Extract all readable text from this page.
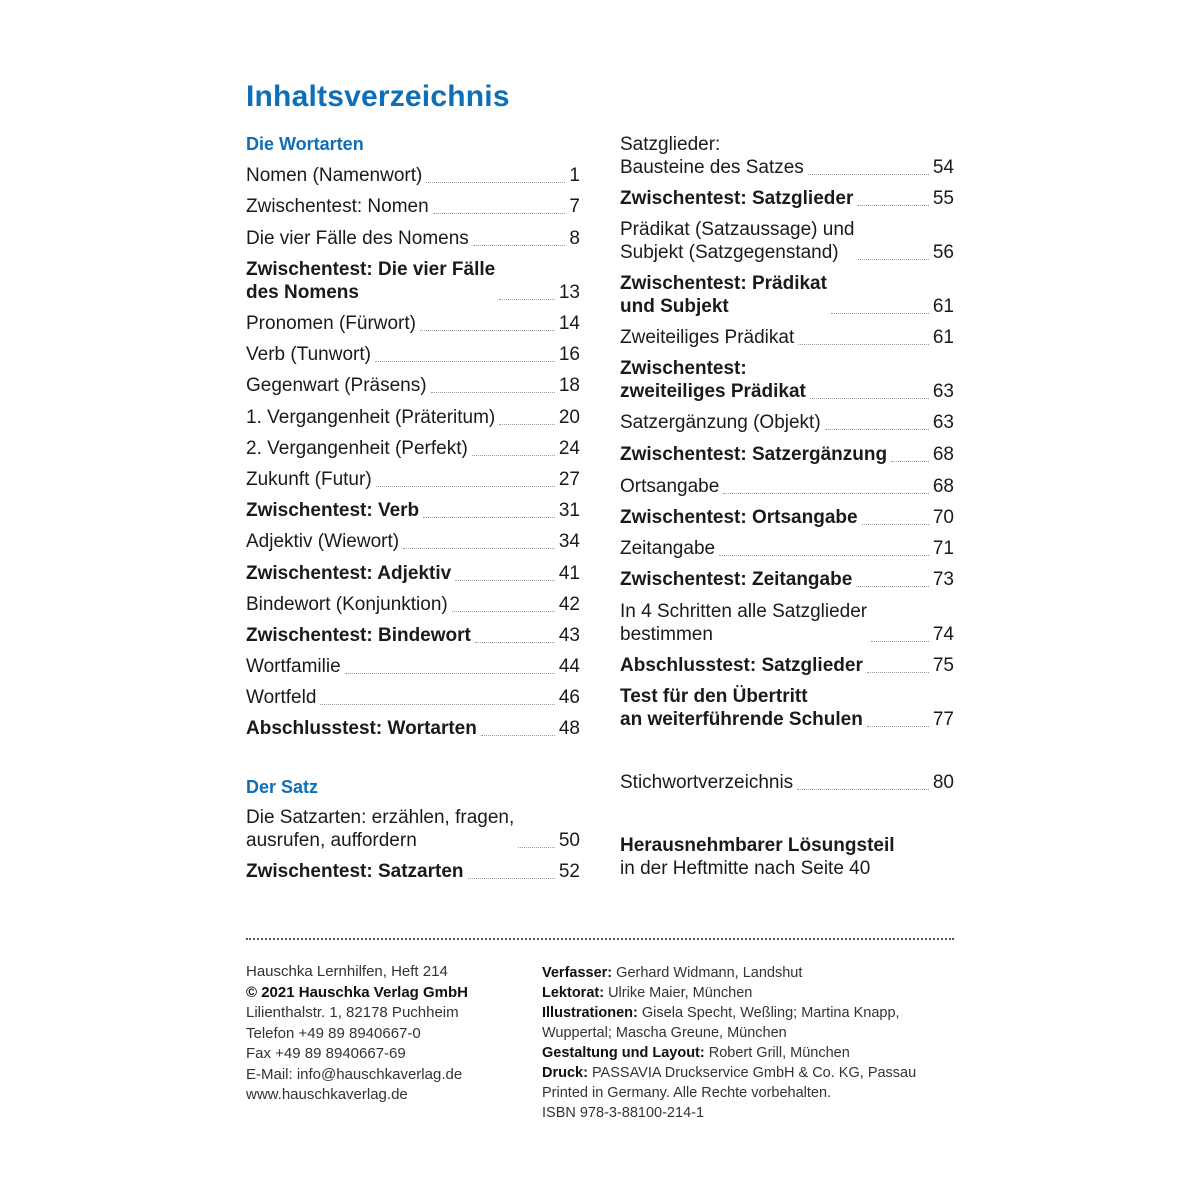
Inhaltsverzeichnis
Die Wortarten
Nomen (Namenwort)	1
Zwischentest: Nomen	7
Die vier Fälle des Nomens	8
Zwischentest: Die vier Fälle
des Nomens	13
Pronomen (Fürwort)	14
Verb (Tunwort)	16
Gegenwart (Präsens)	18
1. Vergangenheit (Präteritum)	20
2. Vergangenheit (Perfekt)	24
Zukunft (Futur)	27
Zwischentest: Verb	31
Adjektiv (Wiewort)	34
Zwischentest: Adjektiv	41
Bindewort (Konjunktion)	42
Zwischentest: Bindewort	43
Wortfamilie	44
Wortfeld	46
Abschlusstest: Wortarten	48
Der Satz
Die Satzarten: erzählen, fragen,
ausrufen, auffordern	50
Zwischentest: Satzarten	52
Satzglieder:
Bausteine des Satzes	54
Zwischentest: Satzglieder	55
Prädikat (Satzaussage) und
Subjekt (Satzgegenstand)	56
Zwischentest: Prädikat
und Subjekt	61
Zweiteiliges Prädikat	61
Zwischentest:
zweiteiliges Prädikat	63
Satzergänzung (Objekt)	63
Zwischentest: Satzergänzung 68
Ortsangabe	68
Zwischentest: Ortsangabe	70
Zeitangabe	71
Zwischentest: Zeitangabe	73
In 4 Schritten alle Satzglieder
bestimmen	74
Abschlusstest: Satzglieder	75
Test für den Übertritt
an weiterführende Schulen	77
Stichwortverzeichnis	80
Herausnehmbarer Lösungsteil
in der Heftmitte nach Seite 40
Hauschka Lernhilfen, Heft 214
© 2021 Hauschka Verlag GmbH
Lilienthalstr. 1, 82178 Puchheim
Telefon +49 89 8940667-0
Fax +49 89 8940667-69
E-Mail: info@hauschkaverlag.de
www.hauschkaverlag.de
Verfasser: Gerhard Widmann, Landshut
Lektorat: Ulrike Maier, München
Illustrationen: Gisela Specht, Weßling; Martina Knapp,
Wuppertal; Mascha Greune, München
Gestaltung und Layout: Robert Grill, München
Druck: PASSAVIA Druckservice GmbH & Co. KG, Passau
Printed in Germany. Alle Rechte vorbehalten.
ISBN 978-3-88100-214-1
